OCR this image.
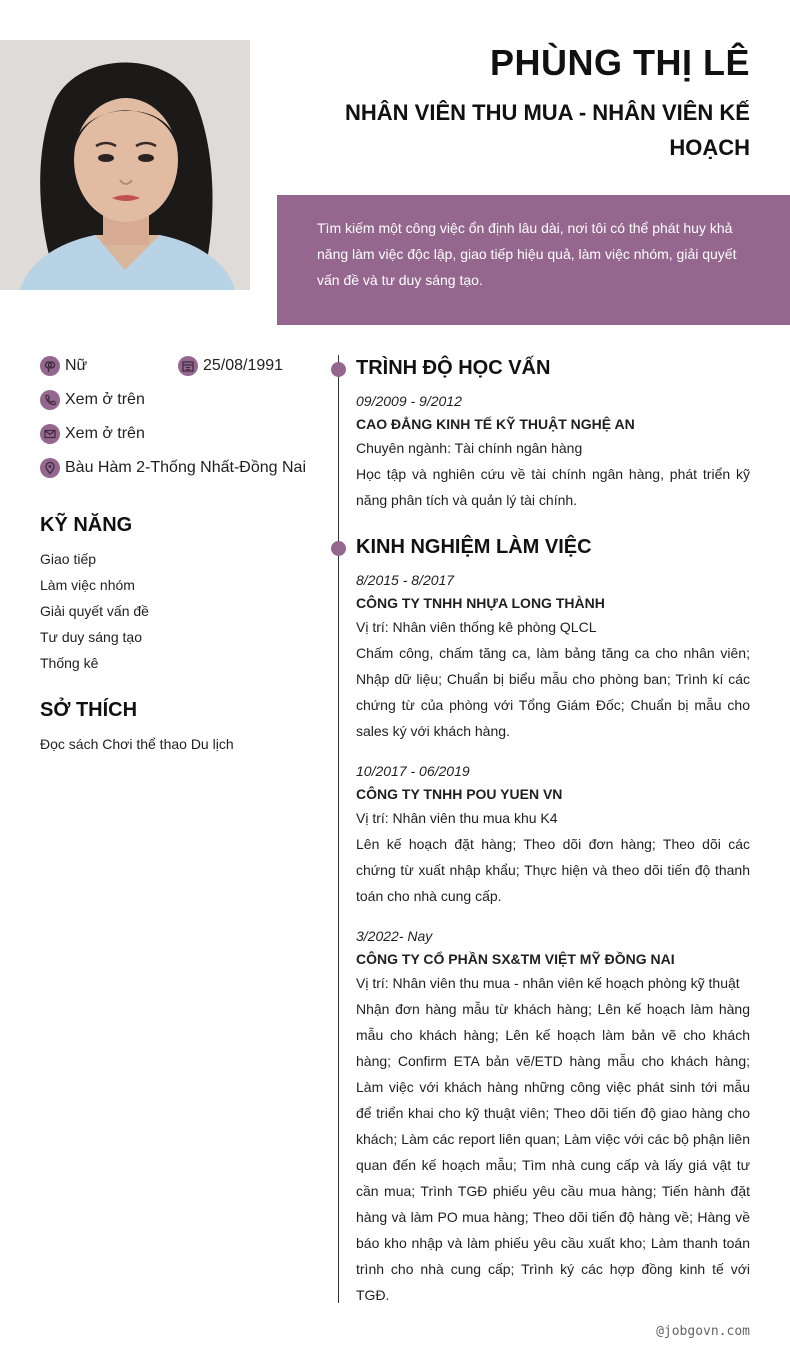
PHÙNG THỊ LÊ
NHÂN VIÊN THU MUA - NHÂN VIÊN KẾ HOẠCH

Tìm kiếm một công việc ổn định lâu dài, nơi tôi có thể phát huy khả năng làm việc độc lập, giao tiếp hiệu quả, làm việc nhóm, giải quyết vấn đề và tư duy sáng tạo.

Nữ	25/08/1991
Xem ở trên
Xem ở trên
Bàu Hàm 2-Thống Nhất-Đồng Nai
KỸ NĂNG
Giao tiếp
Làm việc nhóm
Giải quyết vấn đề
Tư duy sáng tạo
Thống kê
SỞ THÍCH
Đọc sách Chơi thể thao Du lịch
TRÌNH ĐỘ HỌC VẤN
09/2009 - 9/2012
CAO ĐẲNG KINH TẾ KỸ THUẬT NGHỆ AN
Chuyên ngành: Tài chính ngân hàng
Học tập và nghiên cứu về tài chính ngân hàng, phát triển kỹ năng phân tích và quản lý tài chính.
KINH NGHIỆM LÀM VIỆC
8/2015 - 8/2017
CÔNG TY TNHH NHỰA LONG THÀNH
Vị trí: Nhân viên thống kê phòng QLCL
Chấm công, chấm tăng ca, làm bảng tăng ca cho nhân viên; Nhập dữ liệu; Chuẩn bị biểu mẫu cho phòng ban; Trình kí các chứng từ của phòng với Tổng Giám Đốc; Chuẩn bị mẫu cho sales ký với khách hàng.
10/2017 - 06/2019
CÔNG TY TNHH POU YUEN VN
Vị trí: Nhân viên thu mua khu K4
Lên kế hoạch đặt hàng; Theo dõi đơn hàng; Theo dõi các chứng từ xuất nhập khẩu; Thực hiện và theo dõi tiến độ thanh toán cho nhà cung cấp.
3/2022- Nay
CÔNG TY CỔ PHẦN SX&TM VIỆT MỸ ĐỒNG NAI
Vị trí: Nhân viên thu mua - nhân viên kế hoạch phòng kỹ thuật
Nhận đơn hàng mẫu từ khách hàng; Lên kế hoạch làm hàng mẫu cho khách hàng; Lên kế hoạch làm bản vẽ cho khách hàng; Confirm ETA bản vẽ/ETD hàng mẫu cho khách hàng; Làm việc với khách hàng những công việc phát sinh tới mẫu để triển khai cho kỹ thuật viên; Theo dõi tiến độ giao hàng cho khách; Làm các report liên quan; Làm việc với các bộ phận liên quan đến kế hoạch mẫu; Tìm nhà cung cấp và lấy giá vật tư cần mua; Trình TGĐ phiếu yêu cầu mua hàng; Tiến hành đặt hàng và làm PO mua hàng; Theo dõi tiến độ hàng về; Hàng về báo kho nhập và làm phiếu yêu cầu xuất kho; Làm thanh toán trình cho nhà cung cấp; Trình ký các hợp đồng kinh tế với TGĐ.
@jobgovn.com
